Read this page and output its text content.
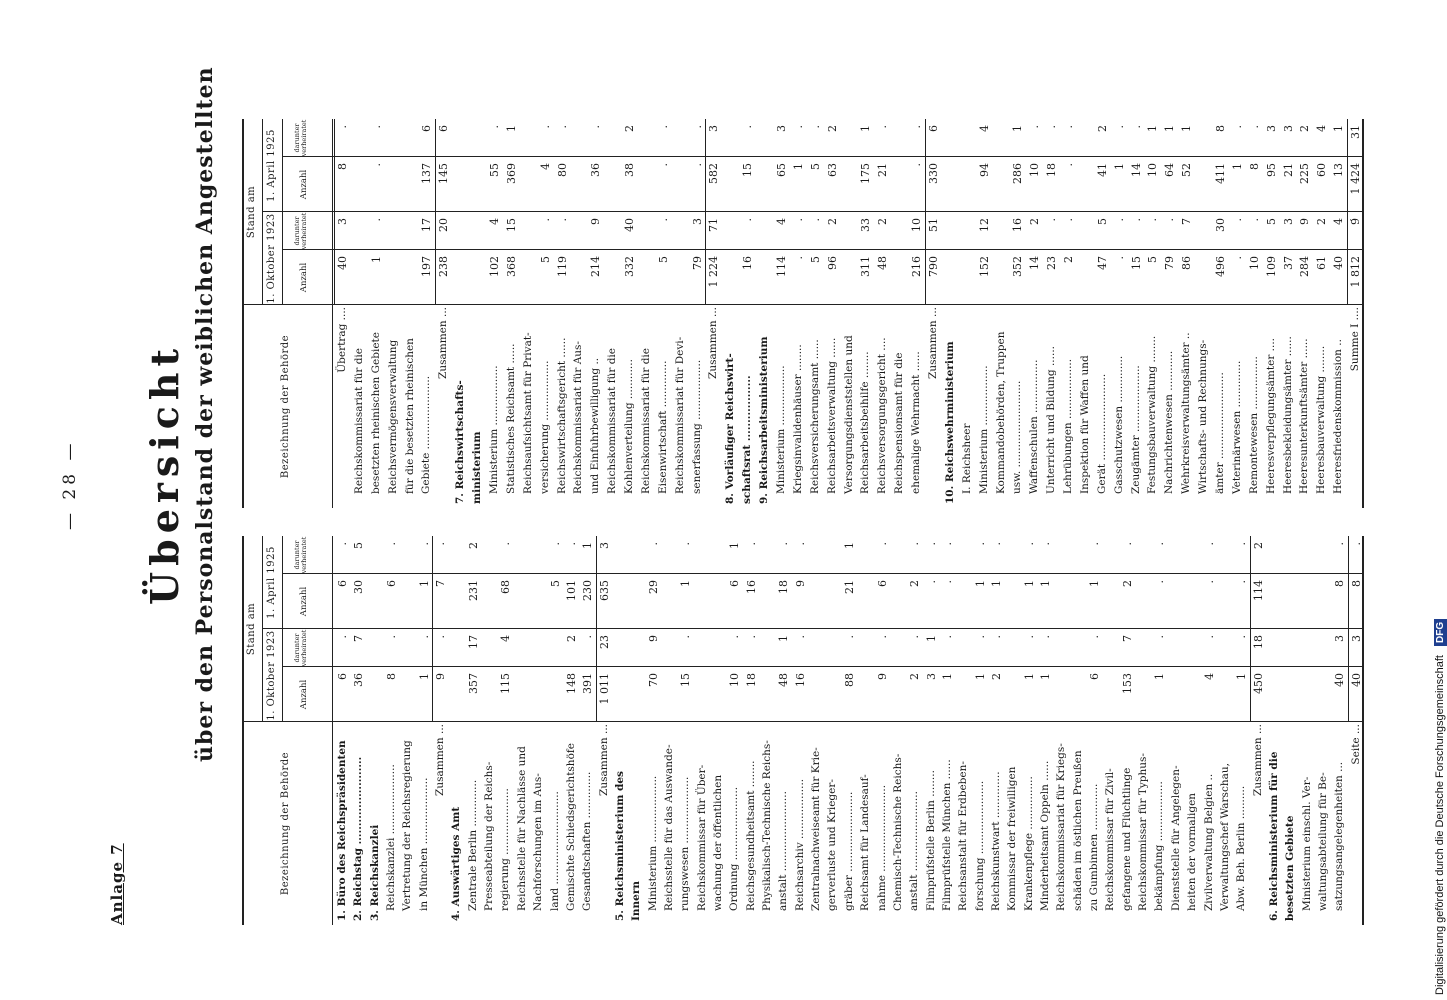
— 28 —
Anlage 7
Übersicht über den Personalstand der weiblichen Angestellten
Bezeichnung der Behörde
Stand am
1. Oktober 1923
1. April 1925
Anzahl
darunter verheiratet
Anzahl
darunter verheiratet
1. Büro des Reichspräsidenten
6
.
6
.
2. Reichstag ........................
36
7
30
5
3. Reichskanzlei Reichskanzlei .....................
8
.
6
.
Vertretung der Reichsregierung in München ....................
1
.
1
.
Zusammen ...
9
.
7
.
4. Auswärtiges Amt Zentrale Berlin ..............
357
17
231
2
Presseabteilung der Reichs- regierung ....................
115
4
68
.
Reichsstelle für Nachlässe und Nachforschungen im Aus- land ............................
5
.
Gemischte Schiedsgerichtshöfe
148
2
101
.
Gesandtschaften ..............
391
.
230
1
Zusammen ...
1 011
23
635
3
5. Reichsministerium des Innern Ministerium ....................
70
9
29
.
Reichsstelle für das Auswande- rungswesen ....................
15
.
1
.
Reichskommissar für Über- wachung der öffentlichen Ordnung ......................
10
.
6
1
Reichsgesundheitsamt ........
18
.
16
.
Physikalisch-Technische Reichs- anstalt ........................
48
1
18
.
Reichsarchiv ..................
16
.
9
.
Zentralnachweiseamt für Krie- gerverluste und Krieger- gräber ........................
88
.
21
1
Reichsamt für Landesauf- nahme ..........................
9
.
6
.
Chemisch-Technische Reichs- anstalt ........................
2
.
2
.
Filmprüfstelle Berlin ........
3
1
.
.
Filmprüfstelle München ......
1
.
.
.
Reichsanstalt für Erdbeben- forschung ......................
1
.
1
.
Reichskunstwart ..............
2
.
1
.
Kommissar der freiwilligen Krankenpflege ................
1
.
1
.
Minderheitsamt Oppeln ......
1
.
1
.
Reichskommissariat für Kriegs- schäden im östlichen Preußen zu Gumbinnen ..............
6
.
1
.
Reichskommissar für Zivil- gefangene und Flüchtlinge
153
7
2
.
Reichskommissar für Typhus- bekämpfung ..................
1
.
.
.
Dienststelle für Angelegen- heiten der vormaligen Zivilverwaltung Belgien ..
4
.
.
.
Verwaltungschef Warschau, Abw. Beh. Berlin ..........
1
.
.
.
Zusammen ...
450
18
114
2
6. Reichsministerium für die besetzten Gebiete Ministerium einschl. Ver- waltungsabteilung für Be- satzungsangelegenheiten ...
40
3
8
.
Seite ...
40
3
8
.
Bezeichnung der Behörde
Stand am
1. Oktober 1923
1. April 1925
Anzahl
darunter verheiratet
Anzahl
darunter verheiratet
Übertrag ....
40
3
8
.
Reichskommissariat für die besetzten rheinischen Gebiete
1
.
.
.
Reichsvermögensverwaltung für die besetzten rheinischen Gebiete ......................
197
17
137
6
Zusammen ...
238
20
145
6
7. Reichswirtschafts- ministerium Ministerium ..................
102
4
55
.
Statistisches Reichsamt ......
368
15
369
1
Reichsaufsichtsamt für Privat- versicherung ..................
5
.
4
.
Reichswirtschaftsgericht ......
119
.
80
.
Reichskommissariat für Aus- und Einfuhrbewilligung ..
214
9
36
.
Reichskommissariat für die Kohlenverteilung ............
332
40
38
2
Reichskommissariat für die Eisenwirtschaft ..............
5
.
.
.
Reichskommissariat für Devi- senerfassung ..................
79
3
.
.
Zusammen ...
1 224
71
582
3
8. Vorläufiger Reichswirt- schaftsrat ..................
16
.
15
.
9. Reichsarbeitsministerium Ministerium ..................
114
4
65
3
Kriegsinvalidenhäuser ........
.
.
1
.
Reichsversicherungsamt ......
5
.
5
.
Reichsarbeitsverwaltung ......
96
2
63
2
Versorgungsdienststellen und Reichsarbeitsbeihilfe ........
311
33
175
1
Reichsversorgungsgericht ....
48
2
21
.
Reichspensionsamt für die ehemalige Wehrmacht ......
216
10
.
.
Zusammen ...
790
51
330
6
10. Reichswehrministerium I. Reichsheer Ministerium ..................
152
12
94
4
Kommandobehörden, Truppen usw. ..........................
352
16
286
1
Waffenschulen ................
14
2
10
.
Unterricht und Bildung ......
23
.
18
.
Lehrübungen ..................
2
.
.
.
Inspektion für Waffen und Gerät ..........................
47
5
41
2
Gasschutzwesen ..............
.
.
1
.
Zeugämter ....................
15
.
14
.
Festungsbauverwaltung ........
5
.
10
1
Nachrichtenwesen ............
79
.
64
1
Wehrkreisverwaltungsämter ..
86
7
52
1
Wirtschafts- und Rechnungs- ämter ..........................
496
30
411
8
Veterinärwesen ..............
.
.
1
.
Remontewesen ................
10
.
8
.
Heeresverpflegungsämter ....
109
5
95
3
Heeresbekleidungsämter ......
37
3
21
3
Heeresunterkunftsämter ......
284
9
225
2
Heeresbauverwaltung ........
61
2
60
4
Heeresfriedenskommission ..
40
4
13
1
Summe I ....
1 812
9́
1 424
31
Digitalisierung gefördert durch die Deutsche Forschungsgemeinschaft DFG
